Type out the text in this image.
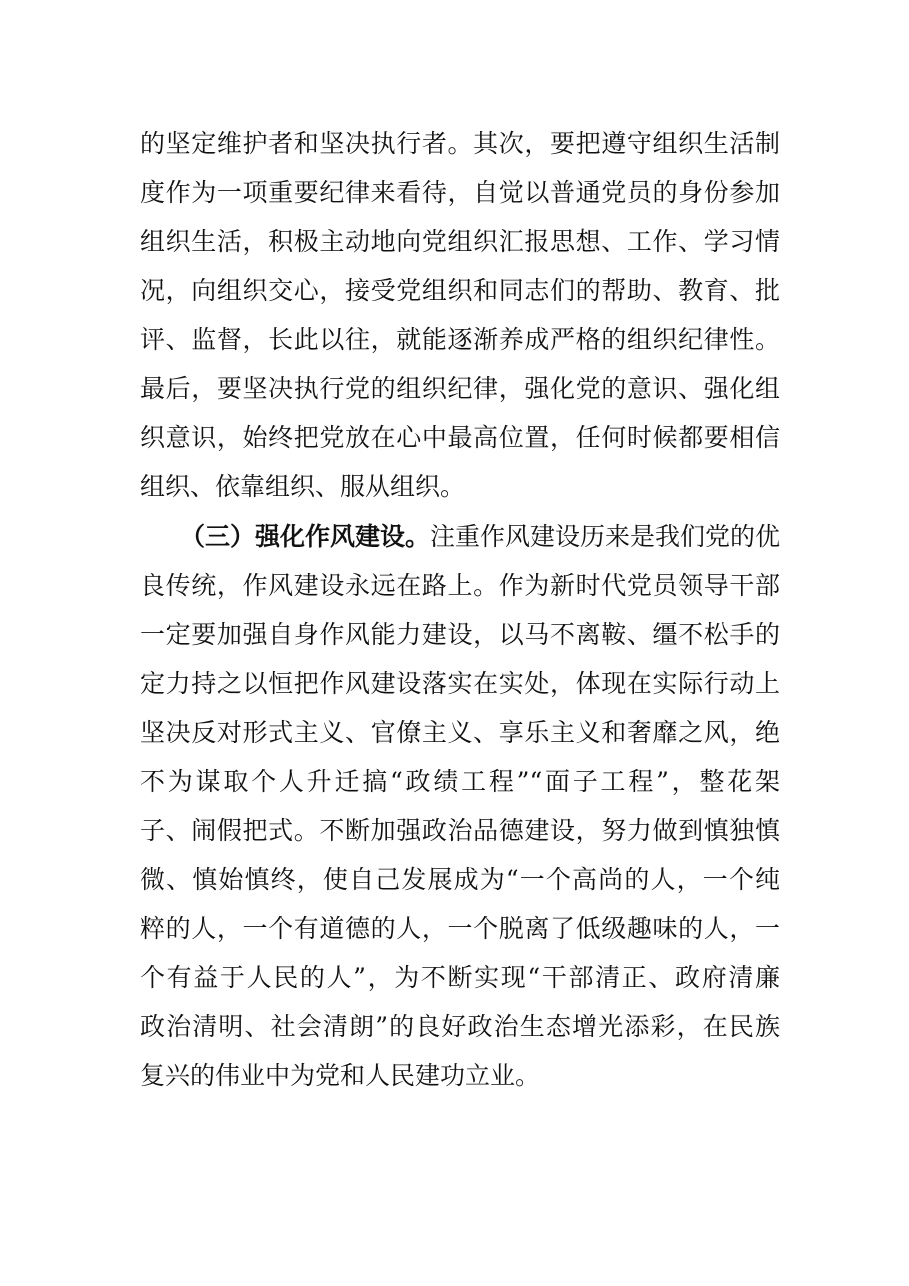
的坚定维护者和坚决执行者。其次，要把遵守组织生活制
度作为一项重要纪律来看待，自觉以普通党员的身份参加
组织生活，积极主动地向党组织汇报思想、工作、学习情
况，向组织交心，接受党组织和同志们的帮助、教育、批
评、监督，长此以往，就能逐渐养成严格的组织纪律性。
最后，要坚决执行党的组织纪律，强化党的意识、强化组
织意识，始终把党放在心中最高位置，任何时候都要相信
组织、依靠组织、服从组织。
（三）强化作风建设。注重作风建设历来是我们党的优
良传统，作风建设永远在路上。作为新时代党员领导干部
一定要加强自身作风能力建设，以马不离鞍、缰不松手的
定力持之以恒把作风建设落实在实处，体现在实际行动上
坚决反对形式主义、官僚主义、享乐主义和奢靡之风，绝
不为谋取个人升迁搞“政绩工程”“面子工程”，整花架
子、闹假把式。不断加强政治品德建设，努力做到慎独慎
微、慎始慎终，使自己发展成为“一个高尚的人，一个纯
粹的人，一个有道德的人，一个脱离了低级趣味的人，一
个有益于人民的人”，为不断实现“干部清正、政府清廉
政治清明、社会清朗”的良好政治生态增光添彩，在民族
复兴的伟业中为党和人民建功立业。
